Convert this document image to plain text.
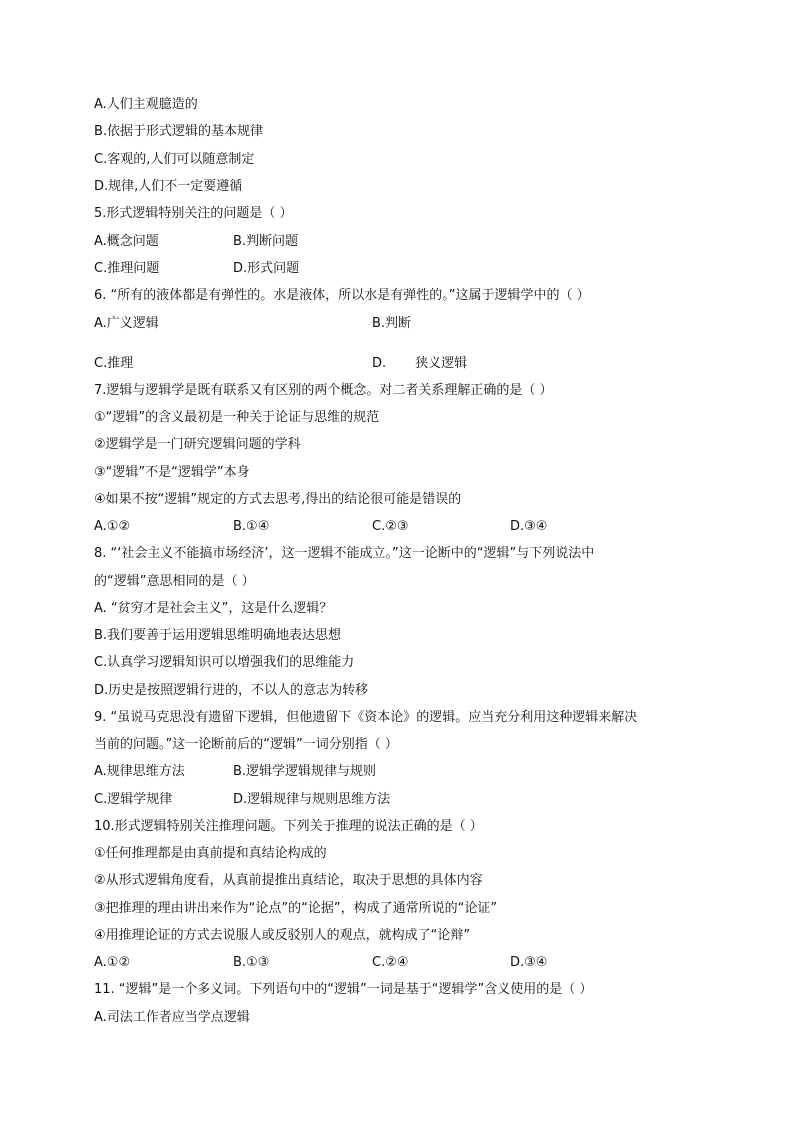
A.人们主观臆造的
B.依据于形式逻辑的基本规律
C.客观的,人们可以随意制定
D.规律,人们不一定要遵循
5.形式逻辑特别关注的问题是（ ）
A.概念问题	B.判断问题
C.推理问题	D.形式问题
6. “所有的液体都是有弹性的。水是液体，所以水是有弹性的。”这属于逻辑学中的（ ）
A.广义逻辑	B.判断
C.推理	D.       狭义逻辑
7.逻辑与逻辑学是既有联系又有区别的两个概念。对二者关系理解正确的是（ ）
①“逻辑”的含义最初是一种关于论证与思维的规范
②逻辑学是一门研究逻辑问题的学科
③“逻辑”不是“逻辑学”本身
④如果不按“逻辑”规定的方式去思考,得出的结论很可能是错误的
A.①②	B.①④	C.②③	D.③④
8. “‘社会主义不能搞市场经济’，这一逻辑不能成立。”这一论断中的“逻辑”与下列说法中
的“逻辑”意思相同的是（ ）
A. “贫穷才是社会主义”，这是什么逻辑？
B.我们要善于运用逻辑思维明确地表达思想
C.认真学习逻辑知识可以增强我们的思维能力
D.历史是按照逻辑行进的，不以人的意志为转移
9. “虽说马克思没有遗留下逻辑，但他遗留下《资本论》的逻辑。应当充分利用这种逻辑来解决
当前的问题。”这一论断前后的“逻辑”一词分别指（ ）
A.规律思维方法	B.逻辑学逻辑规律与规则
C.逻辑学规律	D.逻辑规律与规则思维方法
10.形式逻辑特别关注推理问题。下列关于推理的说法正确的是（ ）
①任何推理都是由真前提和真结论构成的
②从形式逻辑角度看，从真前提推出真结论，取决于思想的具体内容
③把推理的理由讲出来作为“论点”的“论据”，构成了通常所说的“论证”
④用推理论证的方式去说服人或反驳别人的观点，就构成了“论辩”
A.①②	B.①③	C.②④	D.③④
11. “逻辑”是一个多义词。下列语句中的“逻辑”一词是基于“逻辑学”含义使用的是（ ）
A.司法工作者应当学点逻辑
